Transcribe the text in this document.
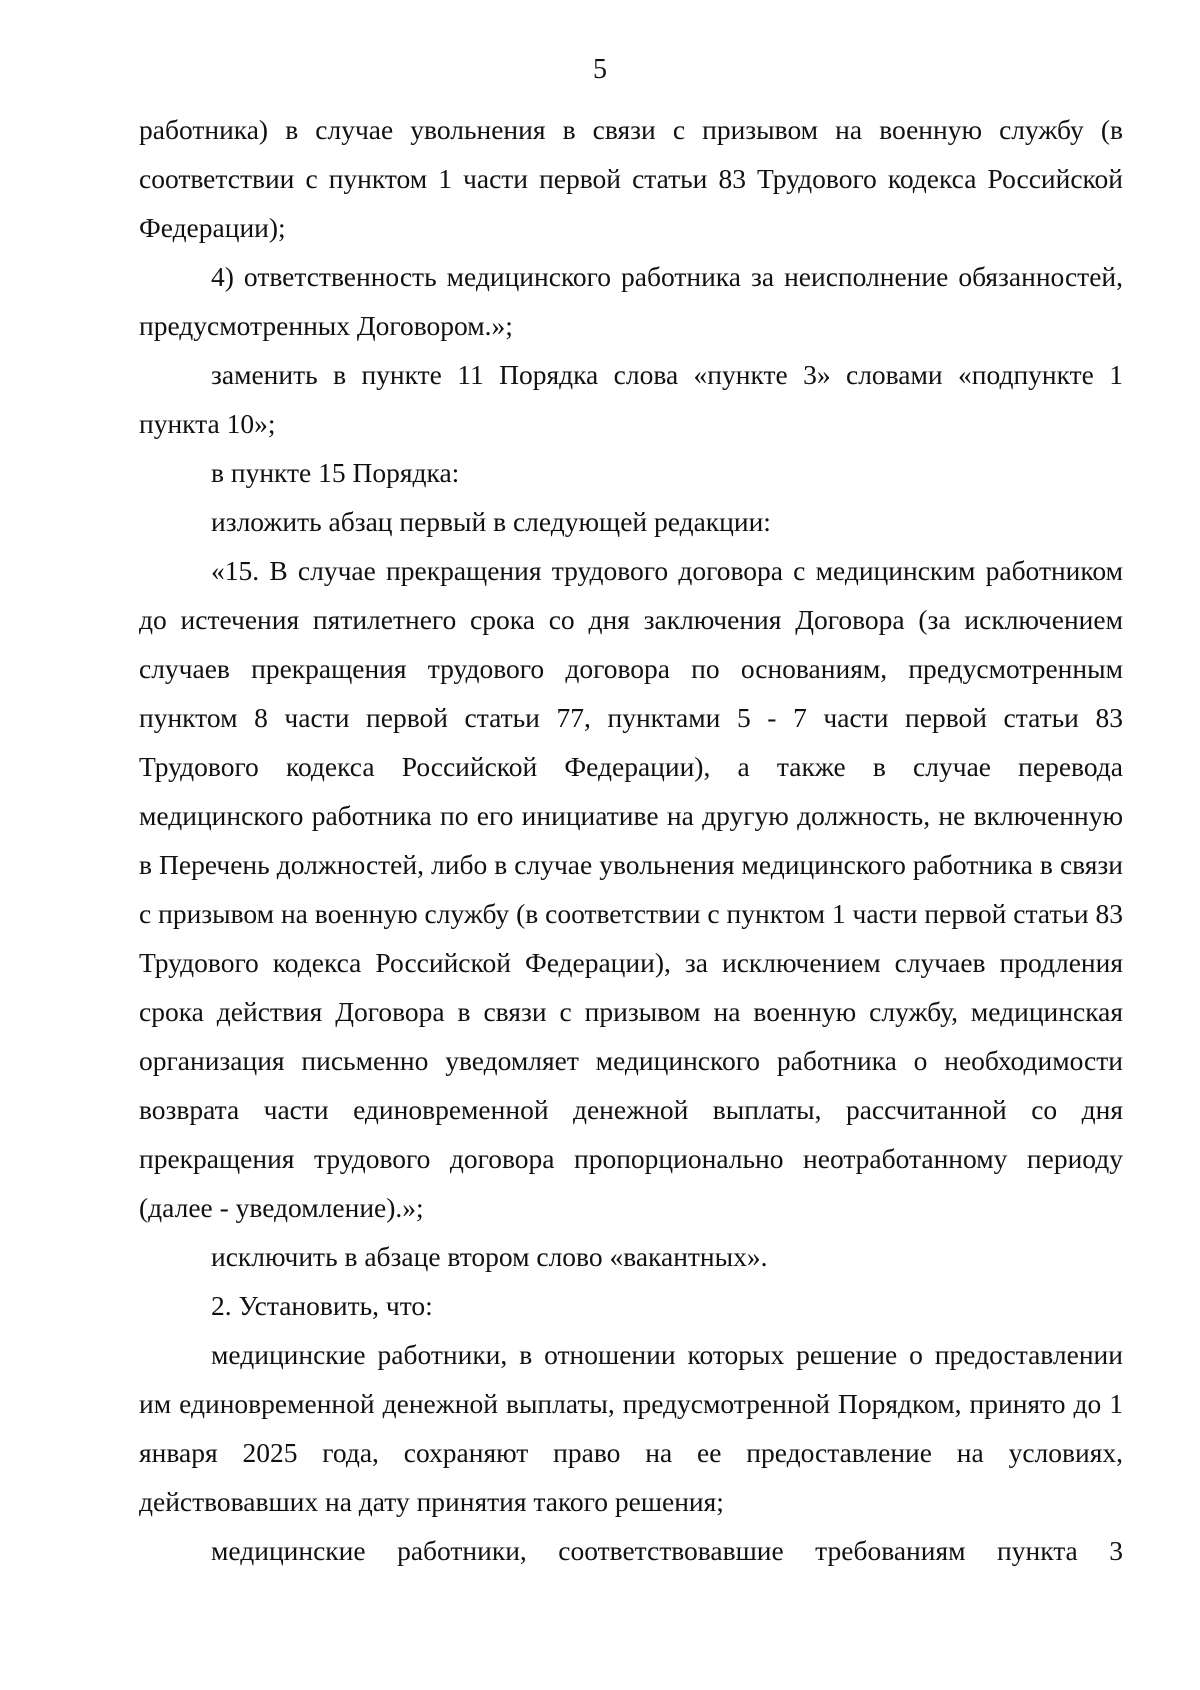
5

работника) в случае увольнения в связи с призывом на военную службу (в соответствии с пунктом 1 части первой статьи 83 Трудового кодекса Российской Федерации);

4) ответственность медицинского работника за неисполнение обязанностей, предусмотренных Договором.»;

заменить в пункте 11 Порядка слова «пункте 3» словами «подпункте 1 пункта 10»;

в пункте 15 Порядка:

изложить абзац первый в следующей редакции:

«15. В случае прекращения трудового договора с медицинским работником до истечения пятилетнего срока со дня заключения Договора (за исключением случаев прекращения трудового договора по основаниям, предусмотренным пунктом 8 части первой статьи 77, пунктами 5 - 7 части первой статьи 83 Трудового кодекса Российской Федерации), а также в случае перевода медицинского работника по его инициативе на другую должность, не включенную в Перечень должностей, либо в случае увольнения медицинского работника в связи с призывом на военную службу (в соответствии с пунктом 1 части первой статьи 83 Трудового кодекса Российской Федерации), за исключением случаев продления срока действия Договора в связи с призывом на военную службу, медицинская организация письменно уведомляет медицинского работника о необходимости возврата части единовременной денежной выплаты, рассчитанной со дня прекращения трудового договора пропорционально неотработанному периоду (далее - уведомление).»;

исключить в абзаце втором слово «вакантных».

2. Установить, что:

медицинские работники, в отношении которых решение о предоставлении им единовременной денежной выплаты, предусмотренной Порядком, принято до 1 января 2025 года, сохраняют право на ее предоставление на условиях, действовавших на дату принятия такого решения;

медицинские работники, соответствовавшие требованиям пункта 3
